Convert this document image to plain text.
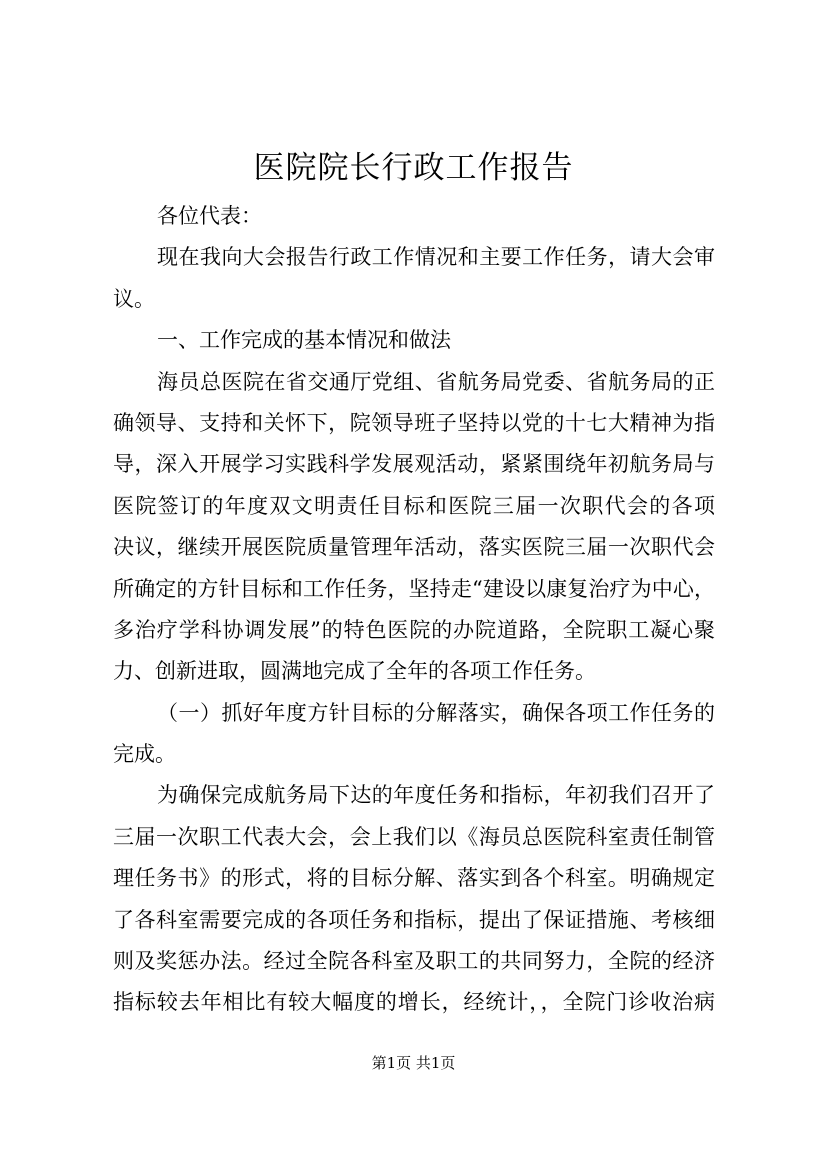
医院院长行政工作报告
各位代表：
现在我向大会报告行政工作情况和主要工作任务，请大会审
议。
一、工作完成的基本情况和做法
海员总医院在省交通厅党组、省航务局党委、省航务局的正
确领导、支持和关怀下，院领导班子坚持以党的十七大精神为指
导，深入开展学习实践科学发展观活动，紧紧围绕年初航务局与
医院签订的年度双文明责任目标和医院三届一次职代会的各项
决议，继续开展医院质量管理年活动，落实医院三届一次职代会
所确定的方针目标和工作任务，坚持走“建设以康复治疗为中心，
多治疗学科协调发展”的特色医院的办院道路，全院职工凝心聚
力、创新进取，圆满地完成了全年的各项工作任务。
（一）抓好年度方针目标的分解落实，确保各项工作任务的
完成。
为确保完成航务局下达的年度任务和指标，年初我们召开了
三届一次职工代表大会，会上我们以《海员总医院科室责任制管
理任务书》的形式，将的目标分解、落实到各个科室。明确规定
了各科室需要完成的各项任务和指标，提出了保证措施、考核细
则及奖惩办法。经过全院各科室及职工的共同努力，全院的经济
指标较去年相比有较大幅度的增长，经统计，，全院门诊收治病
第1页 共1页
